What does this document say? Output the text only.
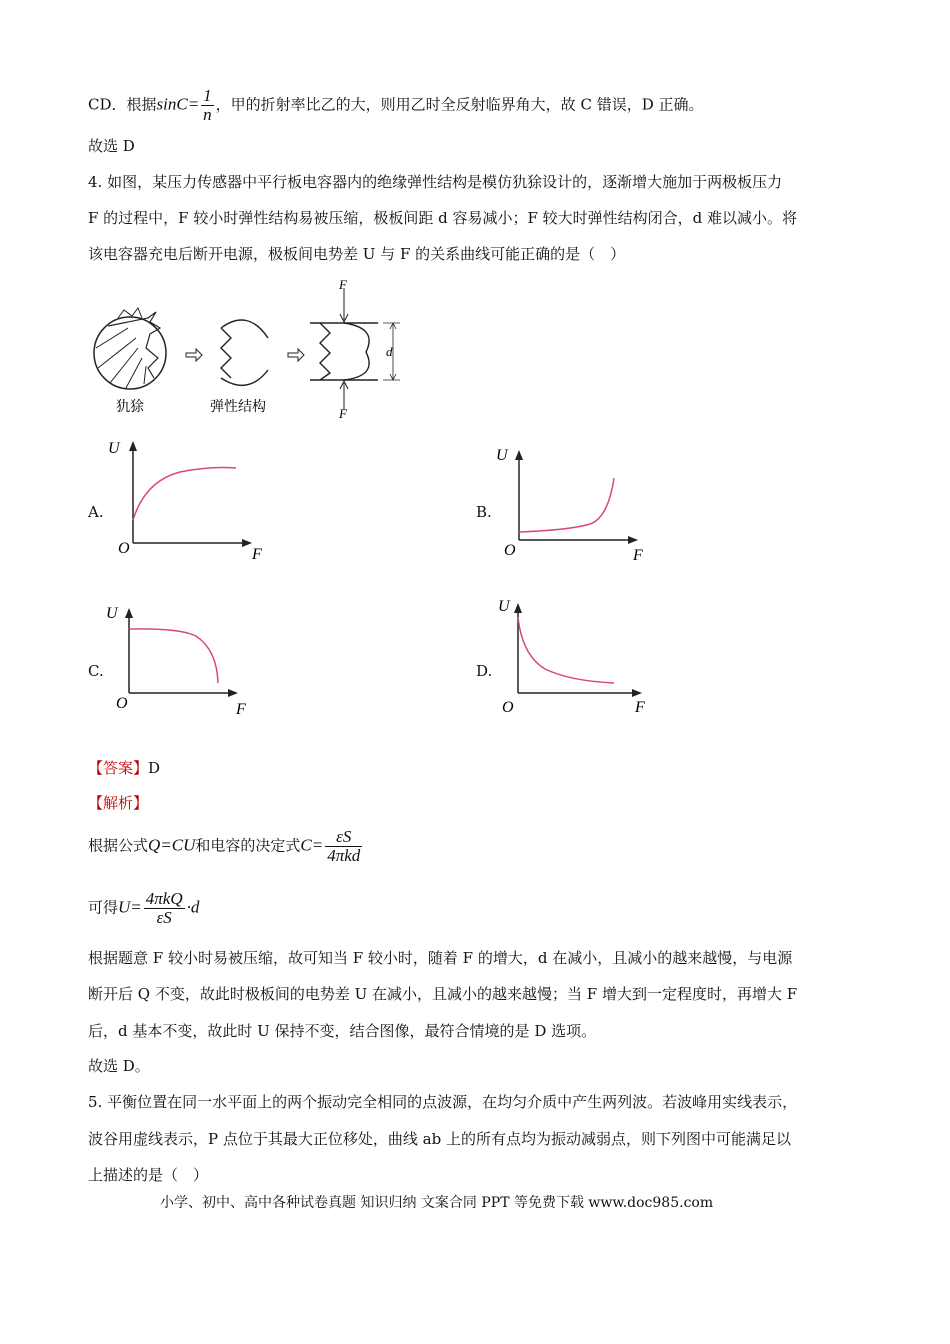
CD．根据$\sin C= \frac{1}{n}$ ，甲的折射率比乙的大，则用乙时全反射临界角大，故 C 错误，D 正确。
故选 D
4. 如图，某压力传感器中平行板电容器内的绝缘弹性结构是模仿犰狳设计的，逐渐增大施加于两极板压力
F 的过程中，F 较小时弹性结构易被压缩，极板间距 d 容易减小；F 较大时弹性结构闭合，d 难以减小。将
该电容器充电后断开电源，极板间电势差 U 与 F 的关系曲线可能正确的是（　）
犰狳	弹性结构
F
F
d
A.
U
F
O
B.
U
F
O
C.
U
F
O
D.
U
F
O
【答案】D
【解析】
根据公式Q=CU和电容的决定式$C= \frac{\varepsilon S}{\text{4πkd}}$
可得$U= \frac{\text{4πkQ}}{\varepsilon S} \cdot d$
根据题意 F 较小时易被压缩，故可知当 F 较小时，随着 F 的增大，d 在减小，且减小的越来越慢，与电源
断开后 Q 不变，故此时极板间的电势差 U 在减小，且减小的越来越慢；当 F 增大到一定程度时，再增大 F
后，d 基本不变，故此时 U 保持不变，结合图像，最符合情境的是 D 选项。
故选 D。
5. 平衡位置在同一水平面上的两个振动完全相同的点波源，在均匀介质中产生两列波。若波峰用实线表示，
波谷用虚线表示，P 点位于其最大正位移处，曲线 ab 上的所有点均为振动减弱点，则下列图中可能满足以
上描述的是（　）
小学、初中、高中各种试卷真题 知识归纳 文案合同 PPT 等免费下载 www.doc985.com
